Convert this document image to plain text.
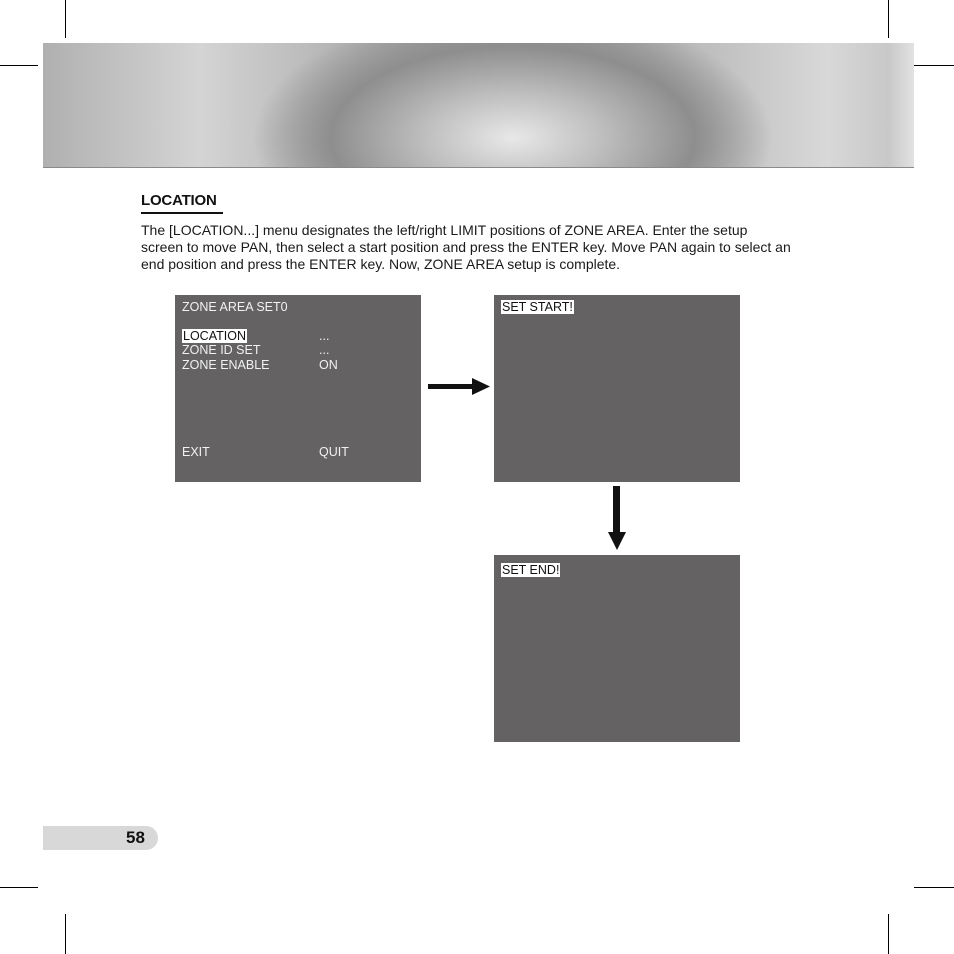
LOCATION

The [LOCATION...] menu designates the left/right LIMIT positions of ZONE AREA. Enter the setup screen to move PAN, then select a start position and press the ENTER key. Move PAN again to select an end position and press the ENTER key. Now, ZONE AREA setup is complete.

ZONE AREA SET0
LOCATION	...
ZONE ID SET	...
ZONE ENABLE	ON
EXIT	QUIT
SET START!
SET END!
58
